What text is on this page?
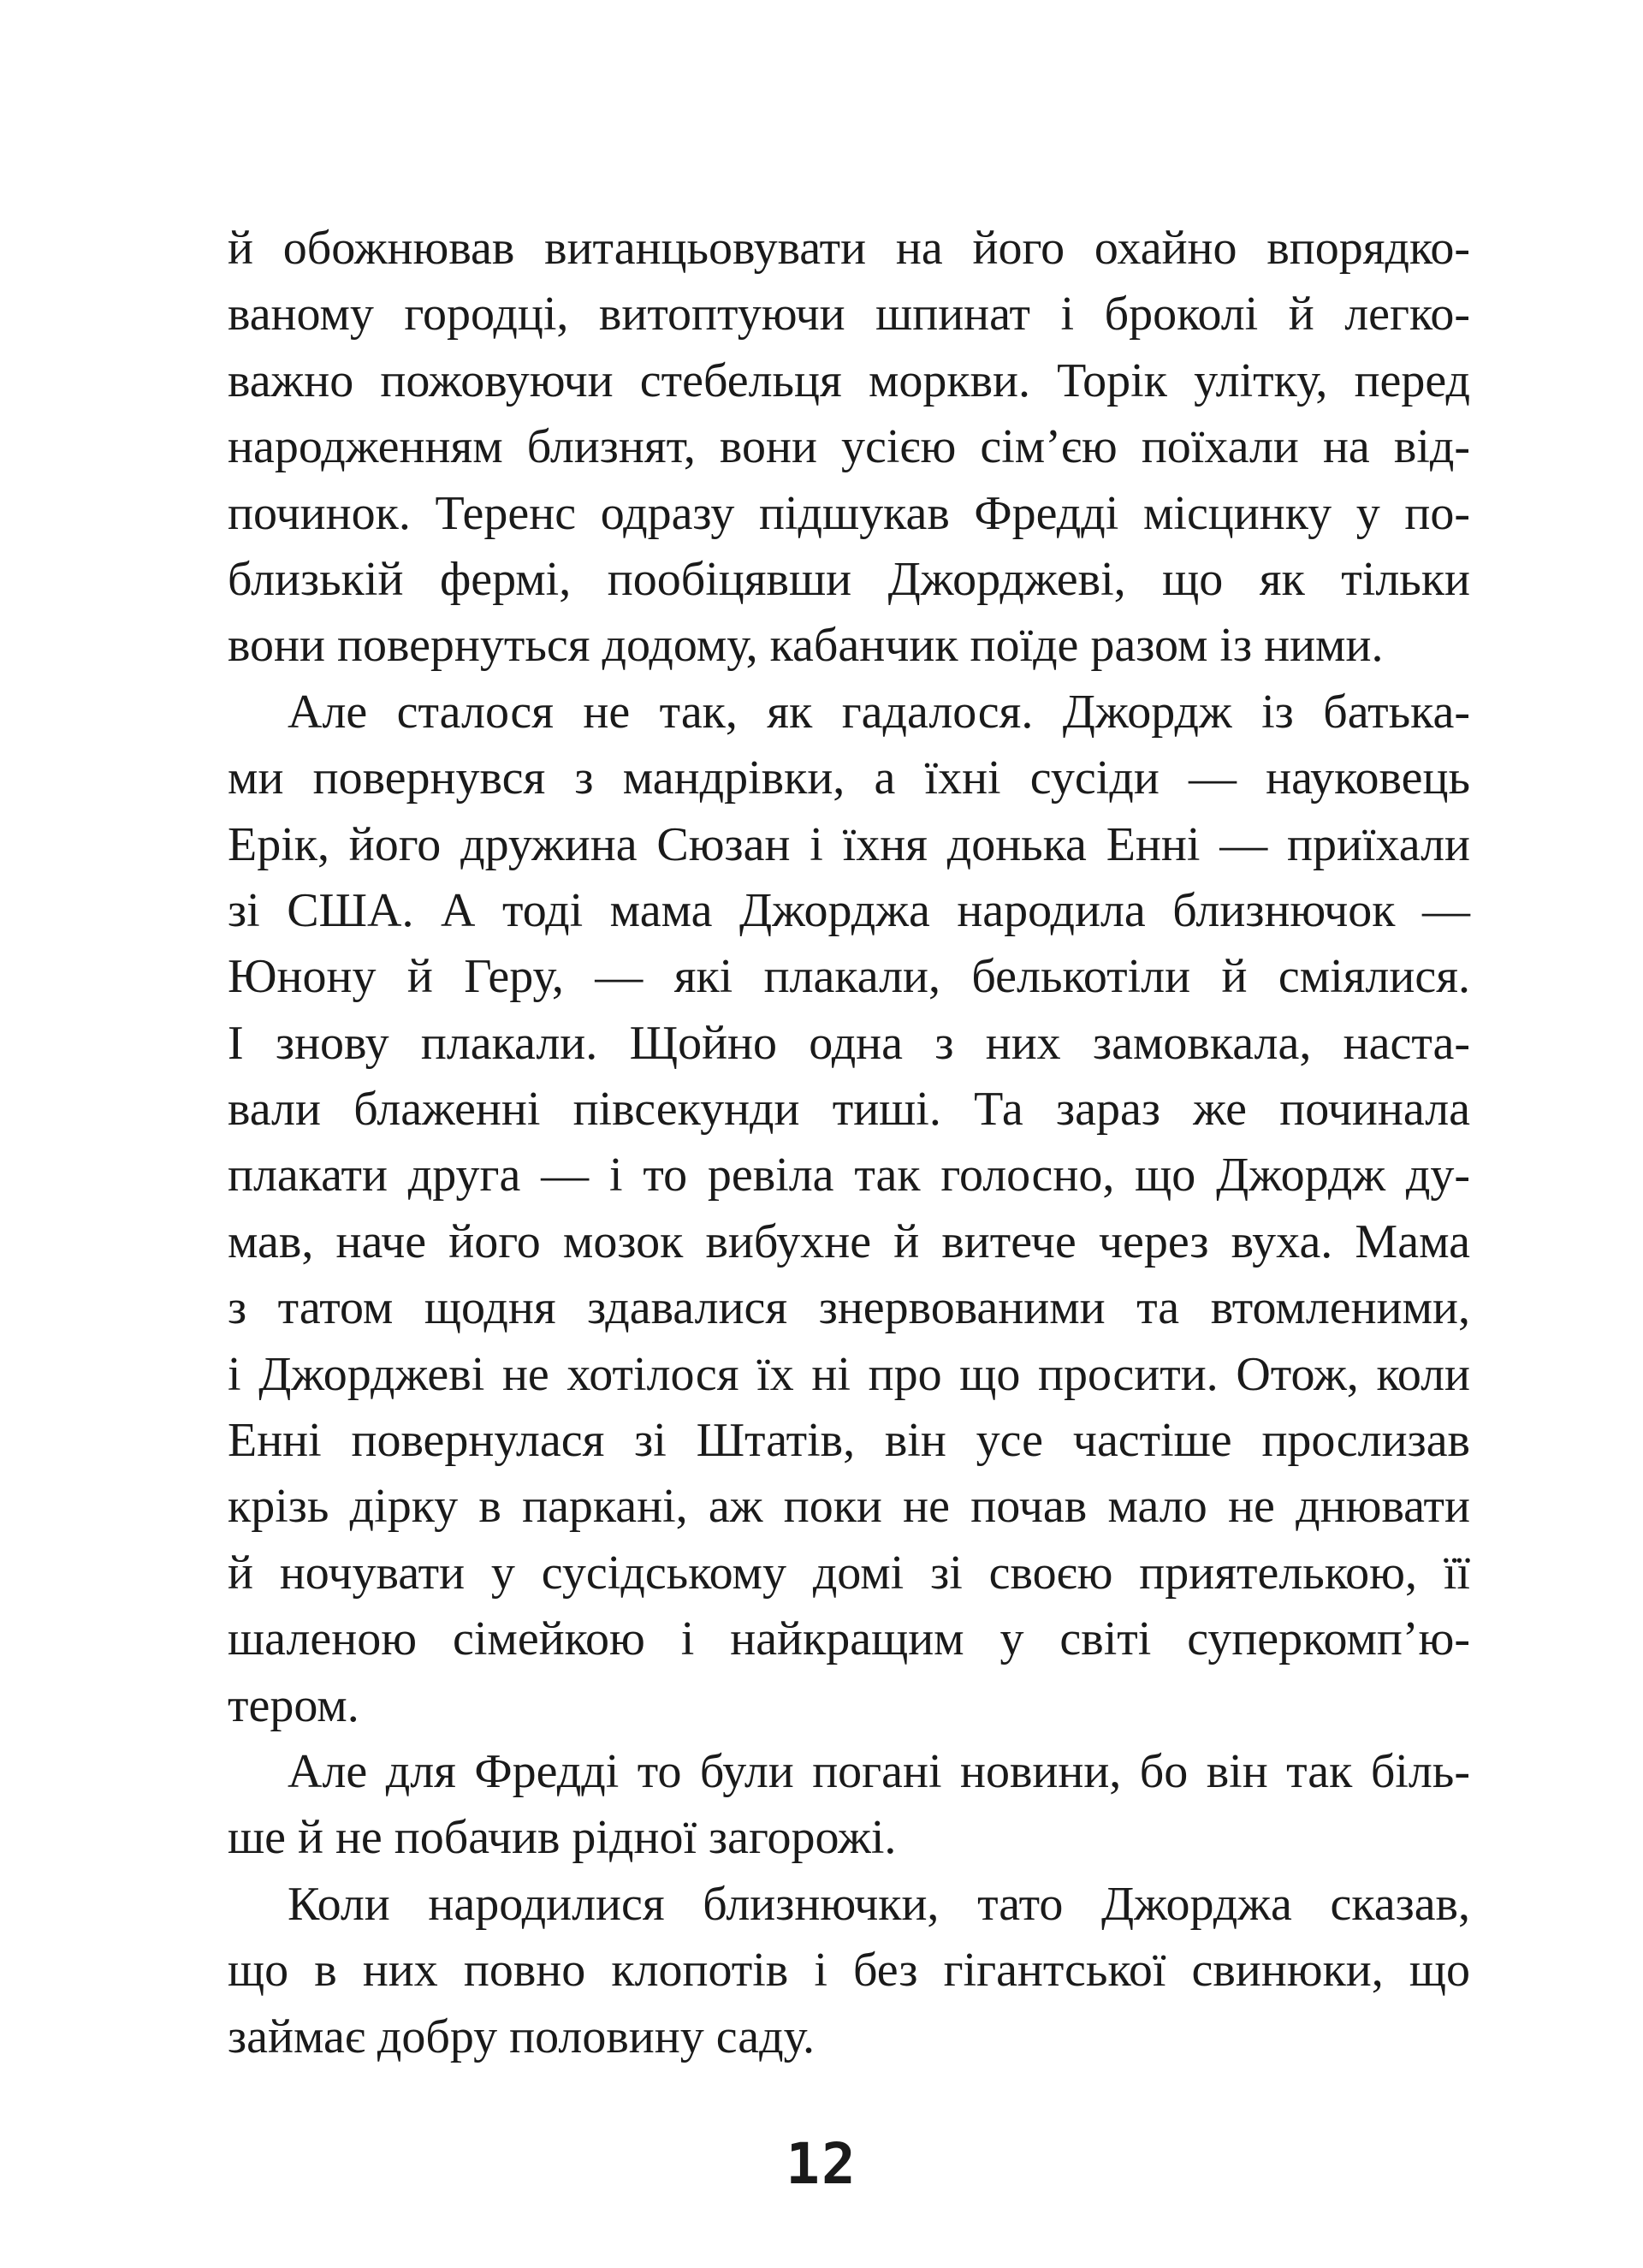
й обожнював витанцьовувати на його охайно впорядко-
ваному городці, витоптуючи шпинат і броколі й легко-
важно пожовуючи стебельця моркви. Торік улітку, перед
народженням близнят, вони усією сім’єю поїхали на від-
починок. Теренс одразу підшукав Фредді місцинку у по-
близькій фермі, пообіцявши Джорджеві, що як тільки
вони повернуться додому, кабанчик поїде разом із ними.
Але сталося не так, як гадалося. Джордж із батька-
ми повернувся з мандрівки, а їхні сусіди — науковець
Ерік, його дружина Сюзан і їхня донька Енні — приїхали
зі США. А тоді мама Джорджа народила близнючок —
Юнону й Геру, — які плакали, белькотіли й сміялися.
І знову плакали. Щойно одна з них замовкала, наста-
вали блаженні півсекунди тиші. Та зараз же починала
плакати друга — і то ревіла так голосно, що Джордж ду-
мав, наче його мозок вибухне й витече через вуха. Мама
з татом щодня здавалися знервованими та втомленими,
і Джорджеві не хотілося їх ні про що просити. Отож, коли
Енні повернулася зі Штатів, він усе частіше прослизав
крізь дірку в паркані, аж поки не почав мало не днювати
й ночувати у сусідському домі зі своєю приятелькою, її
шаленою сімейкою і найкращим у світі суперкомп’ю-
тером.
Але для Фредді то були погані новини, бо він так біль-
ше й не побачив рідної загорожі.
Коли народилися близнючки, тато Джорджа сказав,
що в них повно клопотів і без гігантської свинюки, що
займає добру половину саду.
12
